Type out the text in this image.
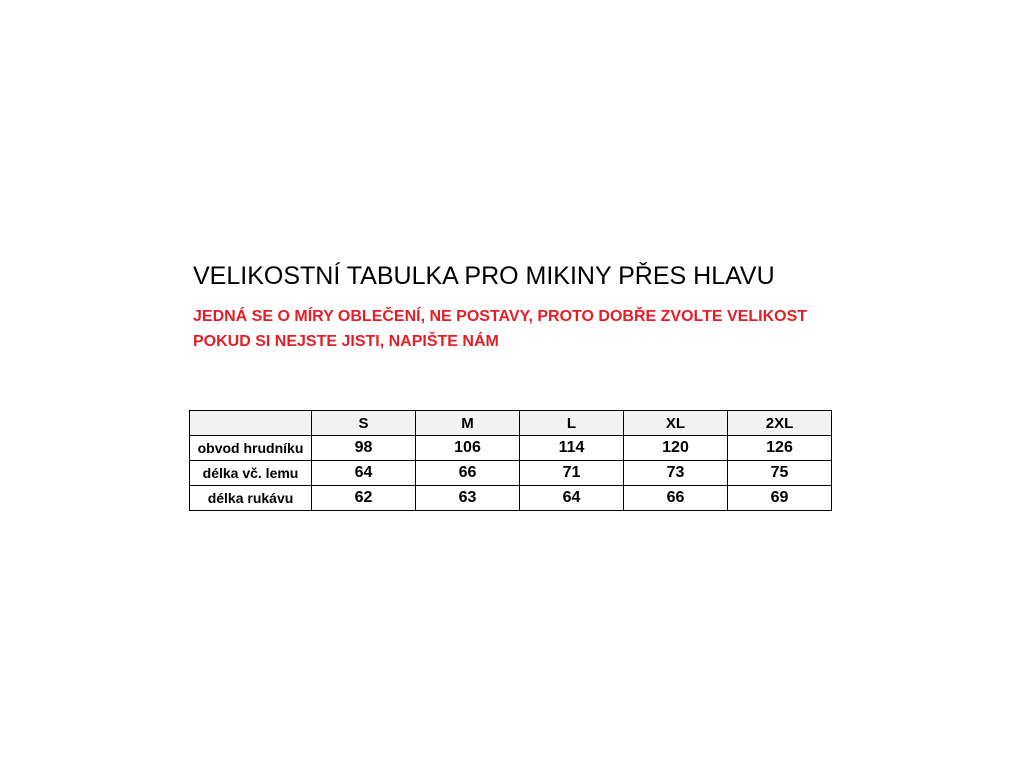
VELIKOSTNÍ TABULKA PRO MIKINY PŘES HLAVU
JEDNÁ SE O MÍRY OBLEČENÍ, NE POSTAVY, PROTO DOBŘE ZVOLTE VELIKOST
POKUD SI NEJSTE JISTI, NAPIŠTE NÁM
	S	M	L	XL	2XL
obvod hrudníku	98	106	114	120	126
délka vč. lemu	64	66	71	73	75
délka rukávu	62	63	64	66	69
